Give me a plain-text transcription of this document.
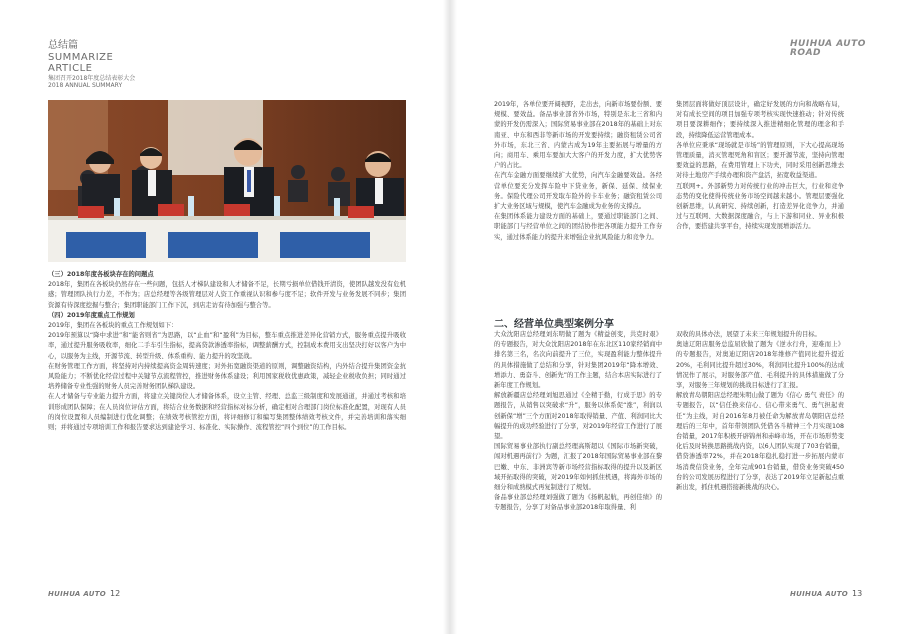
总结篇
SUMMARIZE
ARTICLE
集团召开2018年度总结表彰大会
2018 ANNUAL SUMMARY

（三）2018年度各板块存在的问题点

2018年，集团在各板块仍然存在一些问题，包括人才梯队建设和人才储备不足，长期亏损单位借钱开清资，使团队越发没有危机感；管理团队执行力差，不作为；店总经理等各级管理层对人资工作重视认识和参与度不足；软件开发与业务发展不同步；集团资源有待深度挖掘与整合；集团职能部门工作下沉，到店走访有待加强与整合等。

（四）2019年度重点工作规划

2019年，集团在各板块的重点工作规划如下：

2019年预算以“降中求进”和“能省则省”为思路，以“止血”和“盈利”为目标，整车重点推进差异化营销方式，服务重点提升吸收率，通过提升服务吸收率，细化二手车引生指标，提高贷款渗透率指标，调整薪酬方式，控制成本费用支出坚决打好以客户为中心，以服务为主线，开源节流、转型升级、体系重构、能力提升的攻坚战。

在财务管理工作方面，将坚持对内持续提高资金周转速度；对外拓宽融资渠道的原则，调整融资结构，内外结合提升集团资金抗风险能力；不断优化经营过程中关键节点流程管控，推进财务体系建设；利用国家税收优惠政策，减轻企业税收负担；同时通过培养储备专业性强的财务人员完善财务团队梯队建设。

在人才储备与专业能力提升方面，将建立关键岗位人才储备体系，设立主管、经理、总监三级制度和发展通道，并通过考核和培训形成团队保障；在人员岗位评估方面，将结合业务数据和经营指标对标分析，确定相对合理部门岗位标准化配置，对现有人员的岗位设置和人员编制进行优化调整；在绩效考核管控方面，将评细修订和编写集团整体绩效考核文件，并完善培训和落实细则；并将通过专项培训工作和报告要求达到建论学习、标准化、实际操作、流程管控“四个到位”的工作目标。

HUIHUA AUTO 12
HUIHUA AUTO
ROAD

2019年，各单位要开阔视野，走出去，向新市场要份额、要规模、要效益。备品事业部省外市场，特别是东北三省和内蒙的开发仍需深入；国际贸易事业部在2018年的基础上对东南亚、中东和西非等新市场的开发要持续；融资租赁公司省外市场，东北三省、内蒙古成为19年主要拓展与增量的方向；商用车、乘用车要加大大客户的开发力度，扩大优势客户的占比。

在汽车金融方面要继续扩大优势，向汽车金融要效益。各经营单位要充分发挥车险中下贷业务，新保、延保、续保业务。保险代理公司开发取车险外的卡车业务；融资租赁公司扩大业务区域与规模，使汽车金融成为业务的支撑点。

在集团体系能力建设方面的基础上，要通过职能部门之间、职能部门与经营单位之间的团结协作把各项能力提升工作夯实，通过体系能力的提升来增强企业抗风险能力和竞争力。

集团层面将做好顶层设计，确定好发展的方向和战略布局，对有成长空间的项目加强专项考核实现快速推动；针对传统项目要深耕细作；要持续深入推进精细化管理的理念和手段，持续降低运营管理成本。

各单位应秉承“现场就是市场”的管理原则，下大心提高现场管理质量，消灭管理死角和盲区；要开源节流，坚持向管理要效益的思路，在费用管理上下功夫，同时采用创新思维去对待土地房产手续办理和资产盘活，拓宽收益渠道。

互联网+。外部新势力对传统行业的冲击巨大，行业和竞争态势的变化使得传统业务市场空间越来越小。管理层要强化创新思维，认真研究、持续创新，打造差异化竞争力，并通过与互联网、大数据深度融合，与上下游和同业、异业积极合作，要搭建共享平台，持续实现发展增添活力。

二、经营单位典型案例分享

大众沈阳店总经理刘东明做了题为《精益创变，共克时艰》的专题报告，对大众沈阳店2018年在东北区110家经销商中排名第三名，名次向前提升了三位，实现盈利能力整体提升的具体措施做了总结和分享，针对集团2019年“降本增效、增添力、勇奋斗、创新先”的工作主题，结合本店实际进行了新年度工作规划。

解放新疆店总经理刘旭思通过《全精于勤，行成于思》的专题报告，从销售以突破求“升”，服务以体系促“涨”，利润以创新保“增”三个方面对2018年取得销量、产值、利润同比大幅提升的成功经验进行了分享，对2019年经营工作进行了展望。

国际贸易事业部执行副总经理高斯超以《国际市场新突破，闯对机遇再前行》为题，汇报了2018年国际贸易事业部在黎巴嫩、中东、非洲宾等新市场经营指标取得的提升以及新区域开拓取得的突破，对2019年如何抓住机遇，将海外市场的细分和成熟模式再复制进行了规划。

备品事业部总经理刘强做了题为《扬帆起航，再创佳绩》的专题报告，分享了对备品事业部2018年取得量、利

双收的具体办法，展望了未来三年规划提升的目标。

奥迪辽阳店服务总监屈欣做了题为《逆水行舟，迎难而上》的专题报告，对奥迪辽阳店2018年维修产值同比提升提近20%，毛利同比提升超过30%，利润同比提升100%的达成情况作了展示，对服务部产值、毛利提升的具体措施做了分享，对服务三年规划的挑战目标进行了汇报。

解放青岛朝阳店总经理朱明山做了题为《信心 勇气 责任》的专题报告，以“信任换来信心、信心带来勇气、勇气担起责任”为主线，对自2016年8月被任命为解放青岛朝阳店总经理后的三年中，首年带领团队凭借各斗精神三个月实现108台销量，2017年积极开辟锦州和赤峰市场，开在市场形势变化后及时转换思路挑战内资，以6人团队实现了703台销量，借贷渗透率72%，并在2018年稳扎稳打进一步拓展内蒙市场消费信贷业务，全年完成901台销量，借贷业务突破450台的公司发展历程进行了分享，表达了2019年立足新起点重新出发，抓住机遇搭接新挑战的决心。

HUIHUA AUTO 13
